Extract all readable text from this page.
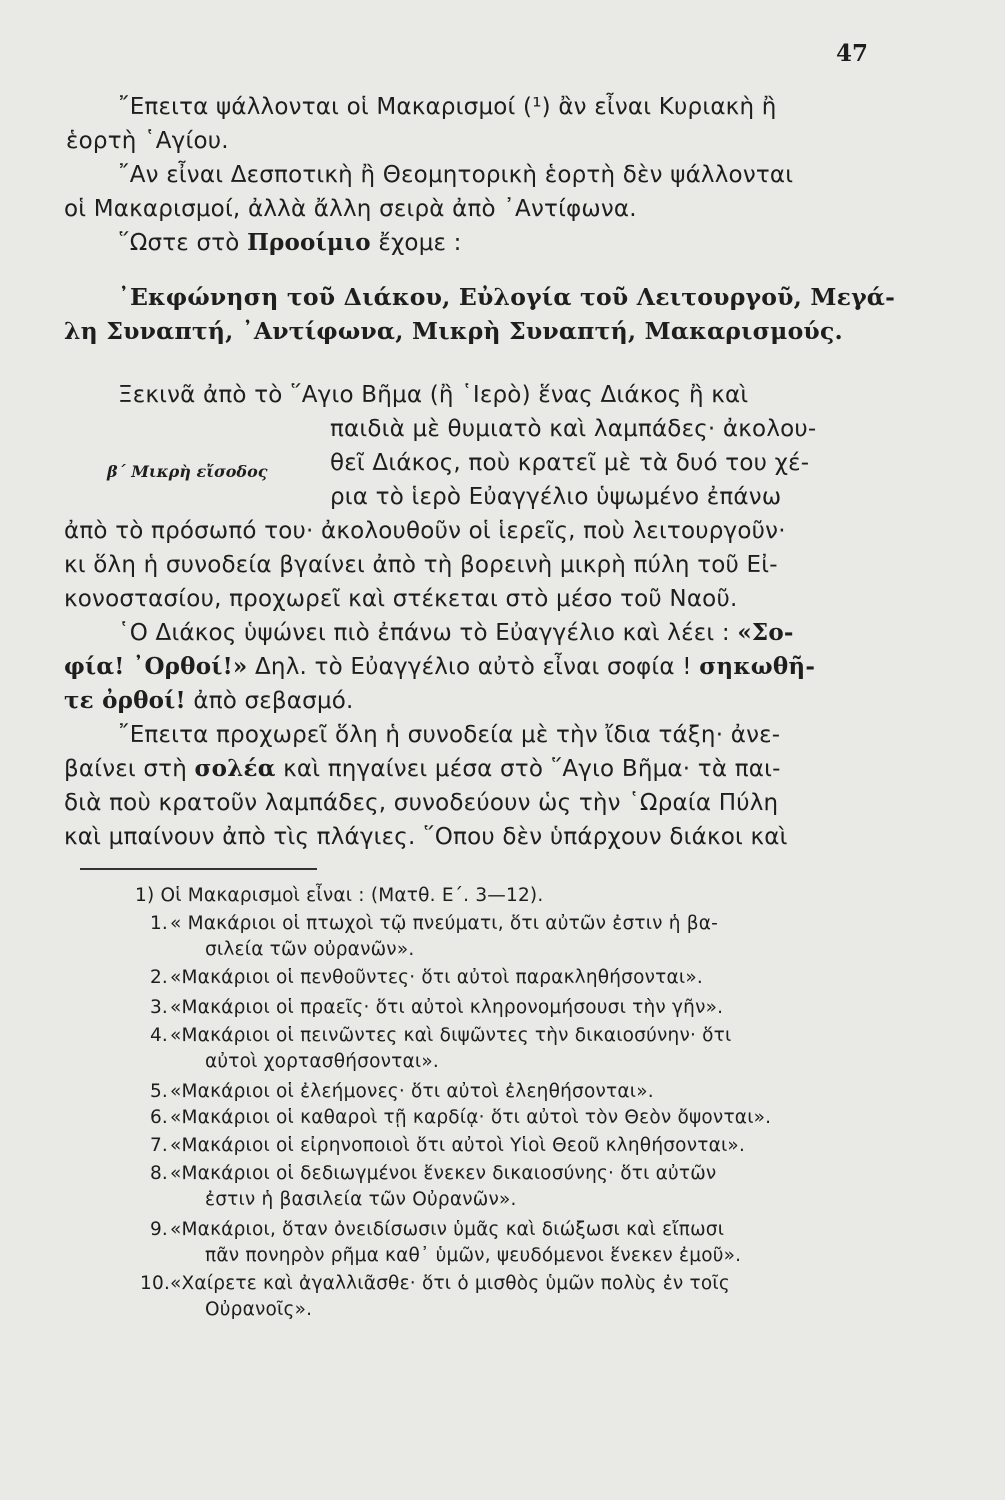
47
῎Επειτα ψάλλονται οἱ Μακαρισμοί (¹) ἂν εἶναι Κυριακὴ ἢ
ἑορτὴ ῾Αγίου.
῎Αν εἶναι Δεσποτικὴ ἢ Θεομητορικὴ ἑορτὴ δὲν ψάλλονται
οἱ Μακαρισμοί, ἀλλὰ ἄλλη σειρὰ ἀπὸ ᾽Αντίφωνα.
῞Ωστε στὸ Προοίμιο ἔχομε :
᾽Εκφώνηση τοῦ Διάκου, Εὐλογία τοῦ Λειτουργοῦ, Μεγά-
λη Συναπτή, ᾽Αντίφωνα, Μικρὴ Συναπτή, Μακαρισμούς.
Ξεκινᾶ ἀπὸ τὸ ῞Αγιο Βῆμα (ἢ ῾Ιερὸ) ἕνας Διάκος ἢ καὶ
παιδιὰ μὲ θυμιατὸ καὶ λαμπάδες· ἀκολου-
β΄ Μικρὴ εἴσοδος	θεῖ Διάκος, ποὺ κρατεῖ μὲ τὰ δυό του χέ-
ρια τὸ ἱερὸ Εὐαγγέλιο ὑψωμένο ἐπάνω
ἀπὸ τὸ πρόσωπό του· ἀκολουθοῦν οἱ ἱερεῖς, ποὺ λειτουργοῦν·
κι ὅλη ἡ συνοδεία βγαίνει ἀπὸ τὴ βορεινὴ μικρὴ πύλη τοῦ Εἰ-
κονοστασίου, προχωρεῖ καὶ στέκεται στὸ μέσο τοῦ Ναοῦ.
῾Ο Διάκος ὑψώνει πιὸ ἐπάνω τὸ Εὐαγγέλιο καὶ λέει : «Σο-
φία! ᾽Ορθοί!» Δηλ. τὸ Εὐαγγέλιο αὐτὸ εἶναι σοφία ! σηκωθῆ-
τε ὀρθοί! ἀπὸ σεβασμό.
῎Επειτα προχωρεῖ ὅλη ἡ συνοδεία μὲ τὴν ἴδια τάξη· ἀνε-
βαίνει στὴ σολέα καὶ πηγαίνει μέσα στὸ ῞Αγιο Βῆμα· τὰ παι-
διὰ ποὺ κρατοῦν λαμπάδες, συνοδεύουν ὡς τὴν ῾Ωραία Πύλη
καὶ μπαίνουν ἀπὸ τὶς πλάγιες. ῞Οπου δὲν ὑπάρχουν διάκοι καὶ
1) Οἱ Μακαρισμοὶ εἶναι : (Ματθ. Ε΄. 3—12).
1. « Μακάριοι οἱ πτωχοὶ τῷ πνεύματι, ὅτι αὐτῶν ἐστιν ἡ βα-
σιλεία τῶν οὐρανῶν».
2. «Μακάριοι οἱ πενθοῦντες· ὅτι αὐτοὶ παρακληθήσονται».
3. «Μακάριοι οἱ πραεῖς· ὅτι αὐτοὶ κληρονομήσουσι τὴν γῆν».
4. «Μακάριοι οἱ πεινῶντες καὶ διψῶντες τὴν δικαιοσύνην· ὅτι
αὐτοὶ χορτασθήσονται».
5. «Μακάριοι οἱ ἐλεήμονες· ὅτι αὐτοὶ ἐλεηθήσονται».
6. «Μακάριοι οἱ καθαροὶ τῇ καρδίᾳ· ὅτι αὐτοὶ τὸν Θεὸν ὄψονται».
7. «Μακάριοι οἱ εἰρηνοποιοὶ ὅτι αὐτοὶ Υἱοὶ Θεοῦ κληθήσονται».
8. «Μακάριοι οἱ δεδιωγμένοι ἕνεκεν δικαιοσύνης· ὅτι αὐτῶν
ἐστιν ἡ βασιλεία τῶν Οὐρανῶν».
9. «Μακάριοι, ὅταν ὀνειδίσωσιν ὑμᾶς καὶ διώξωσι καὶ εἴπωσι
πᾶν πονηρὸν ρῆμα καθ᾽ ὑμῶν, ψευδόμενοι ἕνεκεν ἐμοῦ».
10. «Χαίρετε καὶ ἀγαλλιᾶσθε· ὅτι ὁ μισθὸς ὑμῶν πολὺς ἐν τοῖς
Οὐρανοῖς».
